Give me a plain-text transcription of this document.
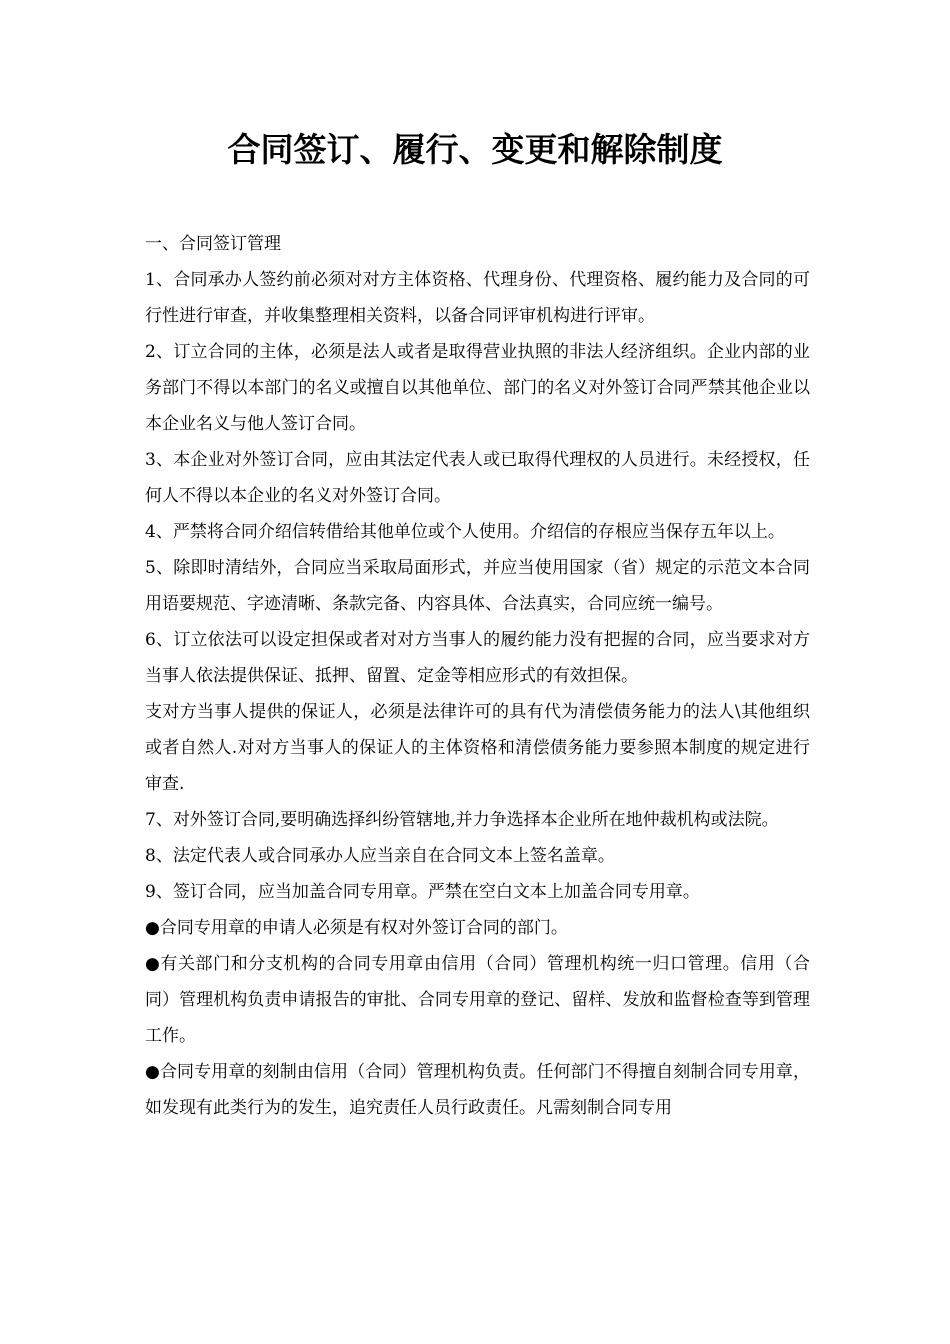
合同签订、履行、变更和解除制度

一、合同签订管理

1、合同承办人签约前必须对对方主体资格、代理身份、代理资格、履约能力及合同的可行性进行审查，并收集整理相关资料，以备合同评审机构进行评审。

2、订立合同的主体，必须是法人或者是取得营业执照的非法人经济组织。企业内部的业务部门不得以本部门的名义或擅自以其他单位、部门的名义对外签订合同严禁其他企业以本企业名义与他人签订合同。

3、本企业对外签订合同，应由其法定代表人或已取得代理权的人员进行。未经授权，任何人不得以本企业的名义对外签订合同。

4、严禁将合同介绍信转借给其他单位或个人使用。介绍信的存根应当保存五年以上。

5、除即时清结外，合同应当采取局面形式，并应当使用国家（省）规定的示范文本合同用语要规范、字迹清晰、条款完备、内容具体、合法真实，合同应统一编号。

6、订立依法可以设定担保或者对对方当事人的履约能力没有把握的合同，应当要求对方当事人依法提供保证、抵押、留置、定金等相应形式的有效担保。

支对方当事人提供的保证人，必须是法律许可的具有代为清偿债务能力的法人\其他组织或者自然人.对对方当事人的保证人的主体资格和清偿债务能力要参照本制度的规定进行审查.

7、对外签订合同,要明确选择纠纷管辖地,并力争选择本企业所在地仲裁机构或法院。

8、法定代表人或合同承办人应当亲自在合同文本上签名盖章。

9、签订合同，应当加盖合同专用章。严禁在空白文本上加盖合同专用章。

●合同专用章的申请人必须是有权对外签订合同的部门。

●有关部门和分支机构的合同专用章由信用（合同）管理机构统一归口管理。信用（合同）管理机构负责申请报告的审批、合同专用章的登记、留样、发放和监督检查等到管理工作。

●合同专用章的刻制由信用（合同）管理机构负责。任何部门不得擅自刻制合同专用章，如发现有此类行为的发生，追究责任人员行政责任。凡需刻制合同专用
